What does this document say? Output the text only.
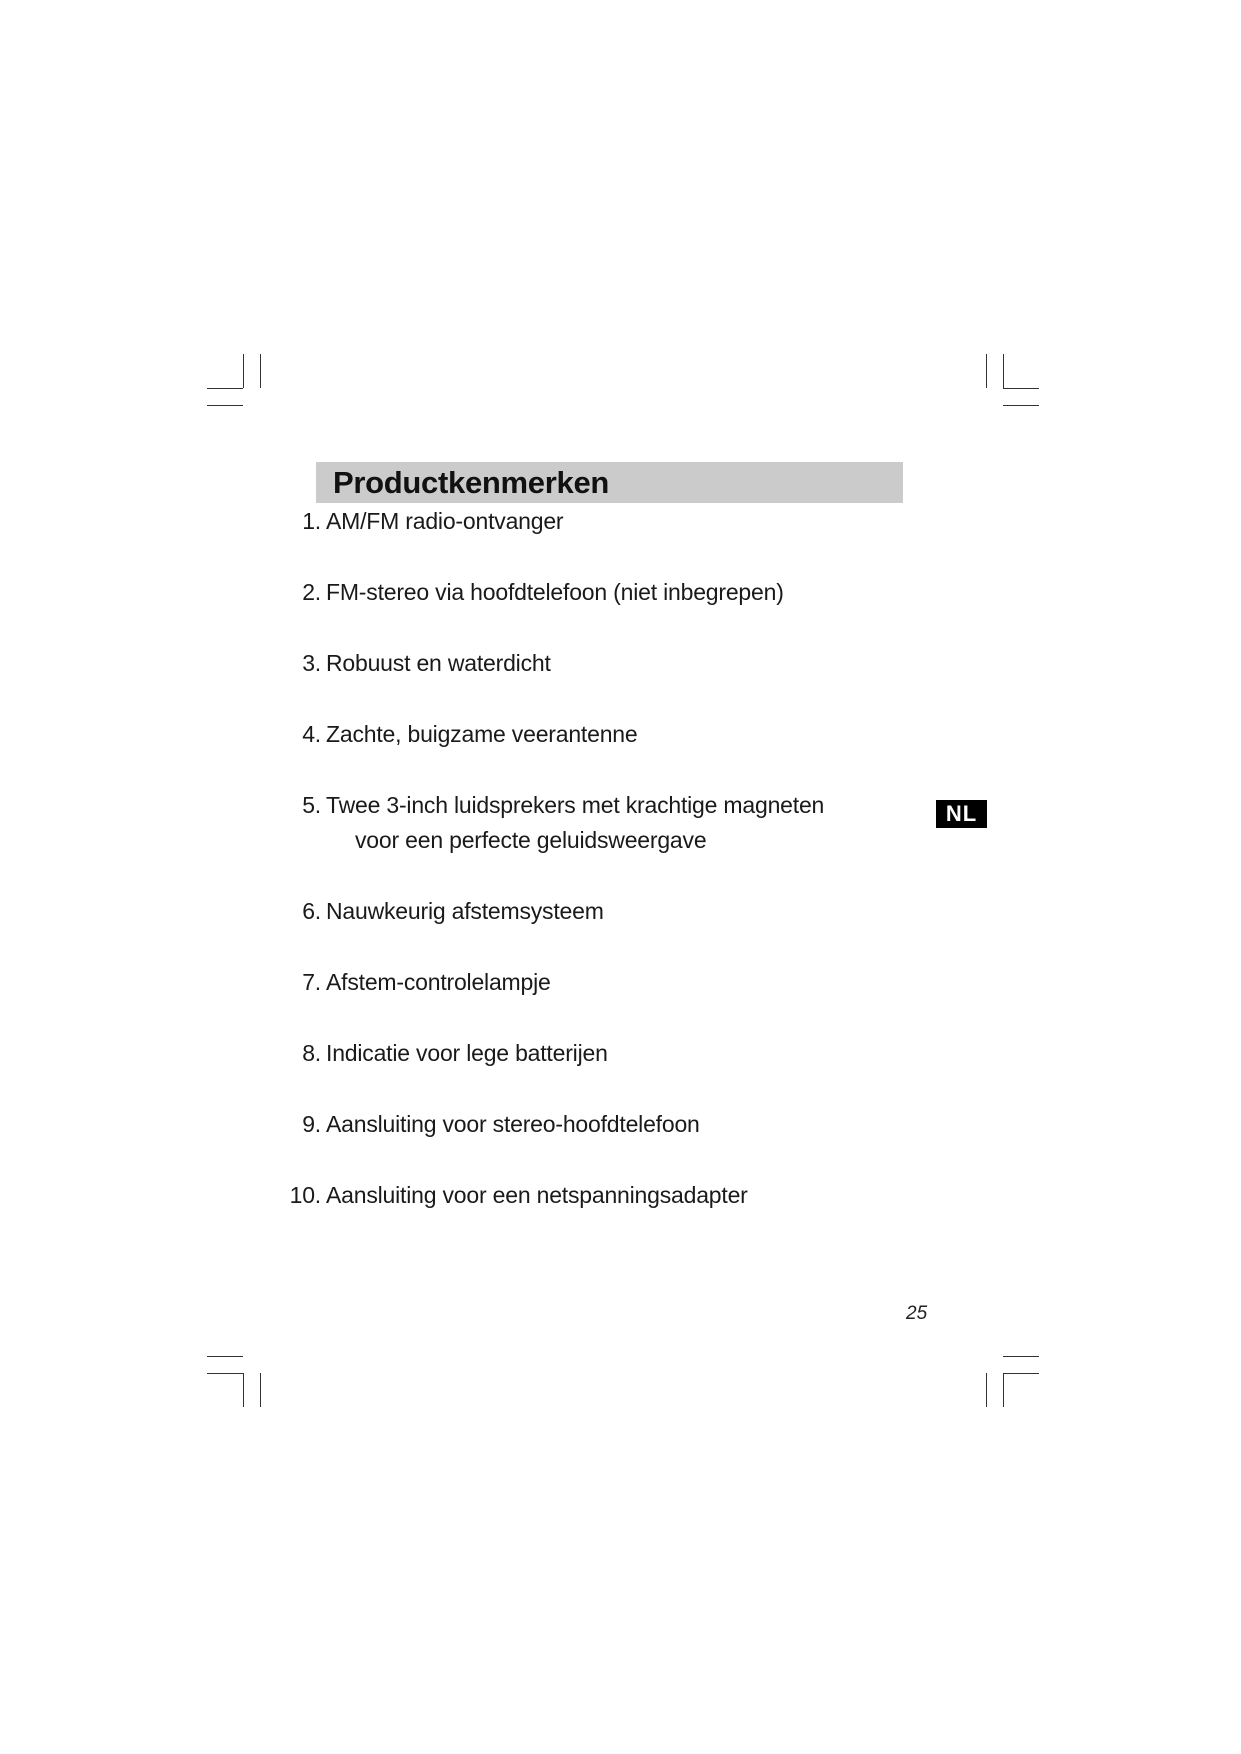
Productkenmerken
1. AM/FM radio-ontvanger
2. FM-stereo via hoofdtelefoon (niet inbegrepen)
3. Robuust en waterdicht
4. Zachte, buigzame veerantenne
5. Twee 3-inch luidsprekers met krachtige magneten
voor een perfecte geluidsweergave
6. Nauwkeurig afstemsysteem
7. Afstem-controlelampje
8. Indicatie voor lege batterijen
9. Aansluiting voor stereo-hoofdtelefoon
10. Aansluiting voor een netspanningsadapter
NL
25
